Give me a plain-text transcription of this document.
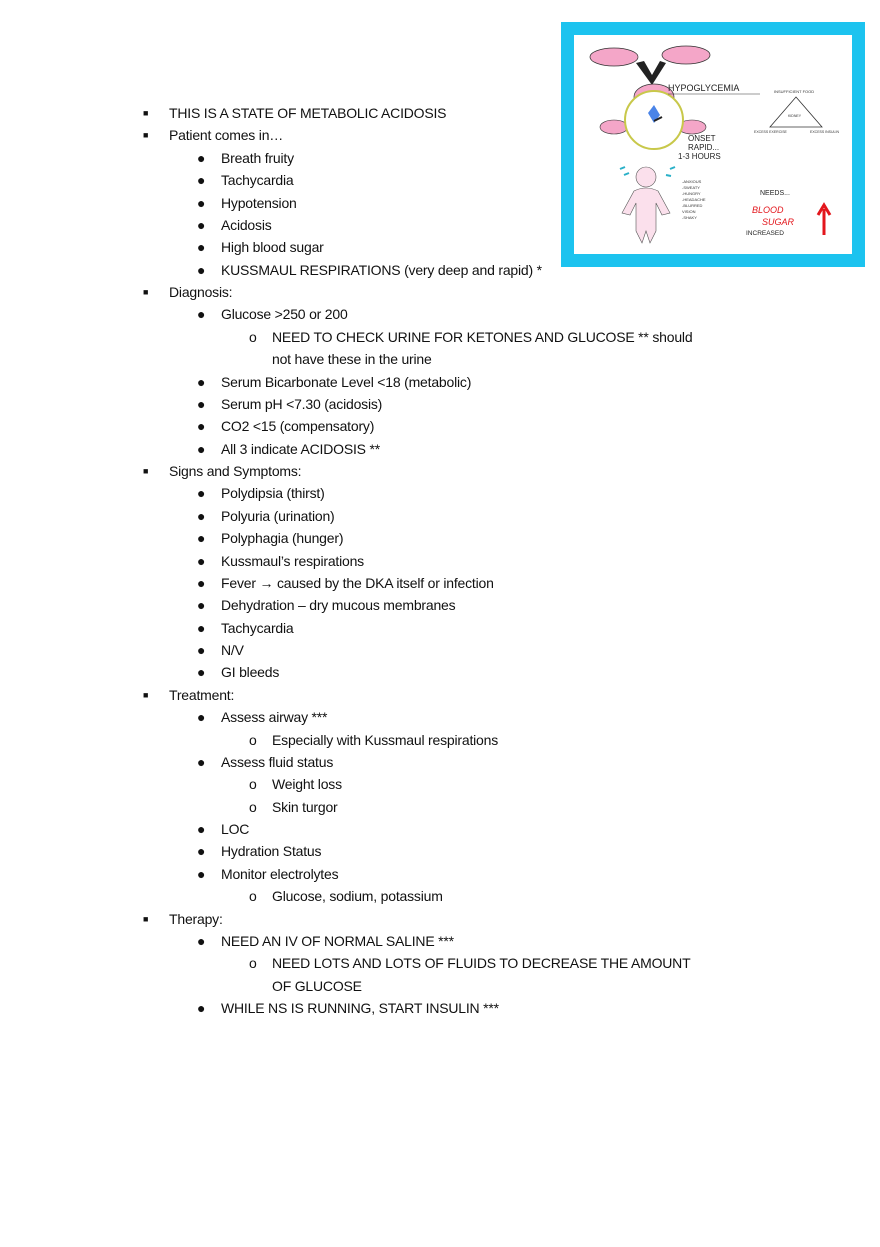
■ THIS IS A STATE OF METABOLIC ACIDOSIS
■ Patient comes in…
● Breath fruity
● Tachycardia
● Hypotension
● Acidosis
● High blood sugar
● KUSSMAUL RESPIRATIONS (very deep and rapid) *
■ Diagnosis:
● Glucose >250 or 200
o NEED TO CHECK URINE FOR KETONES AND GLUCOSE ** should
not have these in the urine
● Serum Bicarbonate Level <18 (metabolic)
● Serum pH <7.30 (acidosis)
● CO2 <15 (compensatory)
● All 3 indicate ACIDOSIS **
■ Signs and Symptoms:
● Polydipsia (thirst)
● Polyuria (urination)
● Polyphagia (hunger)
● Kussmaul’s respirations
● Fever → caused by the DKA itself or infection
● Dehydration – dry mucous membranes
● Tachycardia
● N/V
● GI bleeds
■ Treatment:
● Assess airway ***
o Especially with Kussmaul respirations
● Assess fluid status
o Weight loss
o Skin turgor
● LOC
● Hydration Status
● Monitor electrolytes
o Glucose, sodium, potassium
■ Therapy:
● NEED AN IV OF NORMAL SALINE ***
o NEED LOTS AND LOTS OF FLUIDS TO DECREASE THE AMOUNT
OF GLUCOSE
● WHILE NS IS RUNNING, START INSULIN ***
HYPOGLYCEMIA	INSUFFICIENT FOOD
KIDNEY
EXCESS EXERCISE	EXCESS INSULIN
ONSET
RAPID...
1-3 HOURS
-ANXIOUS
-SWEATY
-HUNGRY
-HEADACHE
-BLURRED
VISION
-SHAKY
NEEDS...
BLOOD
SUGAR
INCREASED
